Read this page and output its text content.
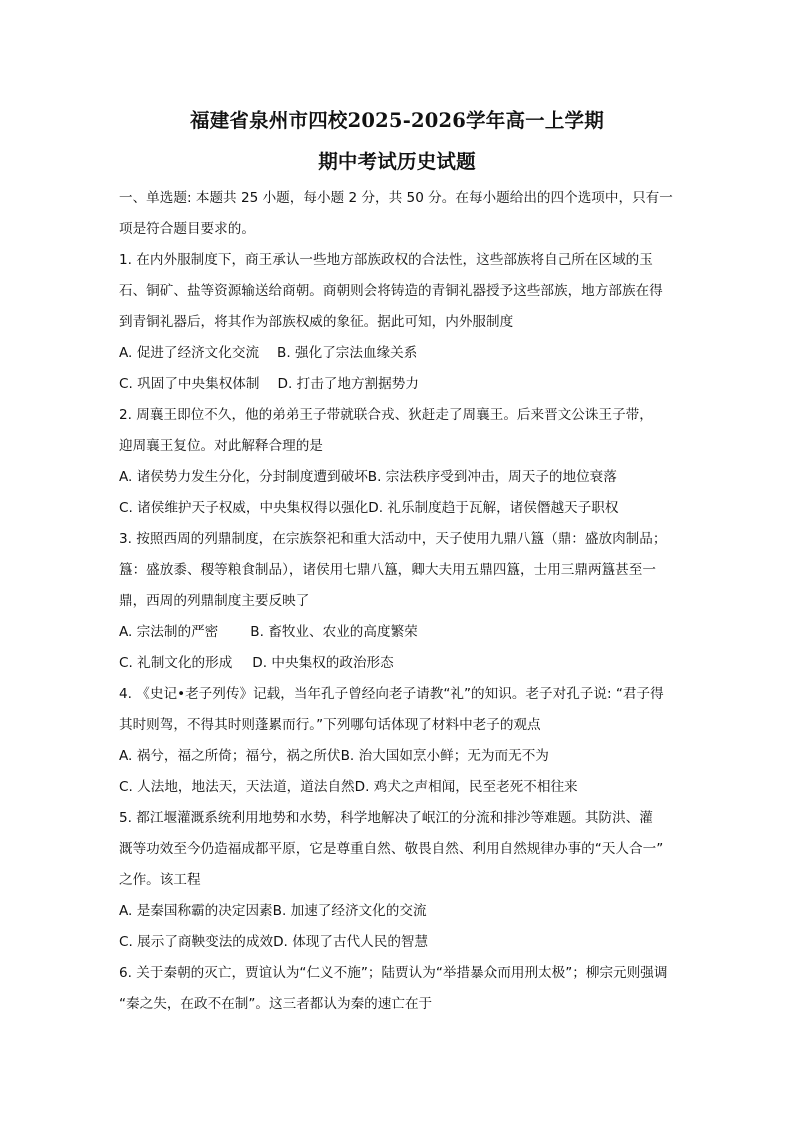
福建省泉州市四校2025-2026学年高一上学期
期中考试历史试题
一、单选题: 本题共 25 小题，每小题 2 分，共 50 分。在每小题给出的四个选项中，只有一
项是符合题目要求的。
1. 在内外服制度下，商王承认一些地方部族政权的合法性，这些部族将自己所在区域的玉
石、铜矿、盐等资源输送给商朝。商朝则会将铸造的青铜礼器授予这些部族，地方部族在得
到青铜礼器后，将其作为部族权威的象征。据此可知，内外服制度
A. 促进了经济文化交流 B. 强化了宗法血缘关系
C. 巩固了中央集权体制 D. 打击了地方割据势力
2. 周襄王即位不久，他的弟弟王子带就联合戎、狄赶走了周襄王。后来晋文公诛王子带，
迎周襄王复位。对此解释合理的是
A. 诸侯势力发生分化，分封制度遭到破坏B. 宗法秩序受到冲击，周天子的地位衰落
C. 诸侯维护天子权威，中央集权得以强化D. 礼乐制度趋于瓦解，诸侯僭越天子职权
3. 按照西周的列鼎制度，在宗族祭祀和重大活动中，天子使用九鼎八簋（鼎：盛放肉制品；
簋：盛放黍、稷等粮食制品），诸侯用七鼎八簋，卿大夫用五鼎四簋，士用三鼎两簋甚至一
鼎，西周的列鼎制度主要反映了
A. 宗法制的严密 B. 畜牧业、农业的高度繁荣
C. 礼制文化的形成 D. 中央集权的政治形态
4. 《史记•老子列传》记载，当年孔子曾经向老子请教“礼”的知识。老子对孔子说: “君子得
其时则驾，不得其时则蓬累而行。”下列哪句话体现了材料中老子的观点
A. 祸兮，福之所倚；福兮，祸之所伏B. 治大国如烹小鲜；无为而无不为
C. 人法地，地法天，天法道，道法自然D. 鸡犬之声相闻，民至老死不相往来
5. 都江堰灌溉系统利用地势和水势，科学地解决了岷江的分流和排沙等难题。其防洪、灌
溉等功效至今仍造福成都平原，它是尊重自然、敬畏自然、利用自然规律办事的“天人合一”
之作。该工程
A. 是秦国称霸的决定因素B. 加速了经济文化的交流
C. 展示了商鞅变法的成效D. 体现了古代人民的智慧
6. 关于秦朝的灭亡，贾谊认为“仁义不施”；陆贾认为“举措暴众而用刑太极”；柳宗元则强调
“秦之失，在政不在制”。这三者都认为秦的速亡在于
